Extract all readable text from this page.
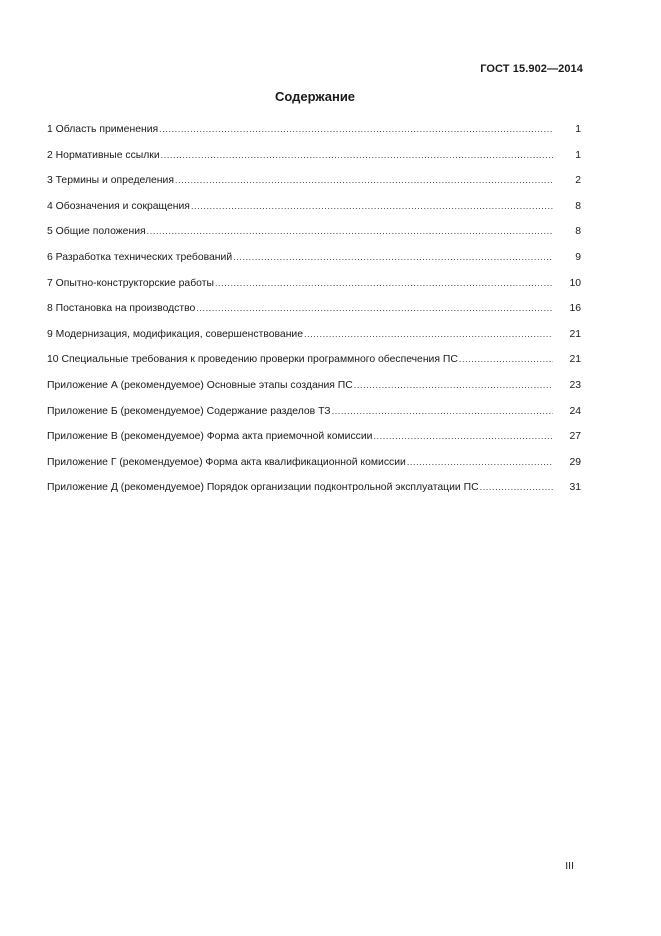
ГОСТ 15.902—2014
Содержание
1 Область применения .....	1
2 Нормативные ссылки .....	1
3 Термины и определения .....	2
4 Обозначения и сокращения .....	8
5 Общие положения .....	8
6 Разработка технических требований .....	9
7 Опытно-конструкторские работы .....	10
8 Постановка на производство .....	16
9 Модернизация, модификация, совершенствование .....	21
10 Специальные требования к проведению проверки программного обеспечения ПС .....	21
Приложение А (рекомендуемое) Основные этапы создания ПС .....	23
Приложение Б (рекомендуемое) Содержание разделов ТЗ .....	24
Приложение В (рекомендуемое) Форма акта приемочной комиссии .....	27
Приложение Г (рекомендуемое) Форма акта квалификационной комиссии .....	29
Приложение Д (рекомендуемое) Порядок организации подконтрольной эксплуатации ПС .....	31
III
